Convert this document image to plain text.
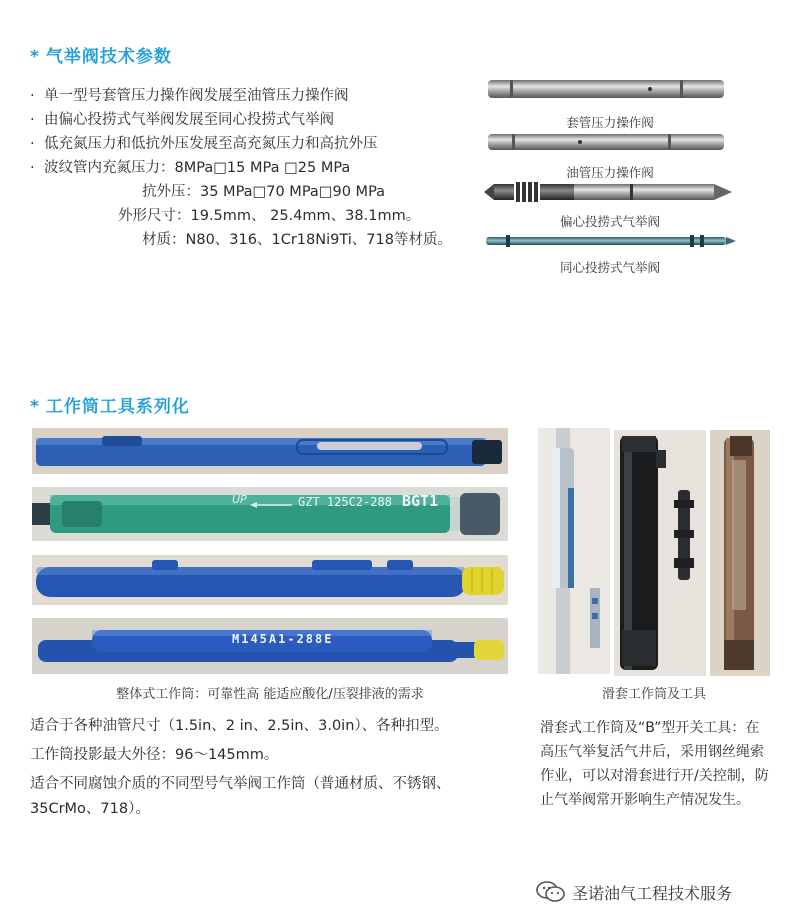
* 气举阀技术参数
· 单一型号套管压力操作阀发展至油管压力操作阀
· 由偏心投捞式气举阀发展至同心投捞式气举阀
· 低充氮压力和低抗外压发展至高充氮压力和高抗外压
· 波纹管内充氮压力：8MPa□15 MPa □25 MPa
抗外压：35 MPa□70 MPa□90 MPa
外形尺寸：19.5mm、 25.4mm、38.1mm。
材质：N80、316、1Cr18Ni9Ti、718等材质。
套管压力操作阀
油管压力操作阀
偏心投捞式气举阀
同心投捞式气举阀
* 工作筒工具系列化
UP	GZT 125C2-288 BGT1
M145A1-288E
整体式工作筒：可靠性高 能适应酸化/压裂排液的需求	滑套工作筒及工具
适合于各种油管尺寸（1.5in、2 in、2.5in、3.0in）、各种扣型。
工作筒投影最大外径：96～145mm。
适合不同腐蚀介质的不同型号气举阀工作筒（普通材质、不锈钢、35CrMo、718）。
滑套式工作筒及“B”型开关工具：在高压气举复活气井后，采用钢丝绳索作业，可以对滑套进行开/关控制，防止气举阀常开影响生产情况发生。
圣诺油气工程技术服务
